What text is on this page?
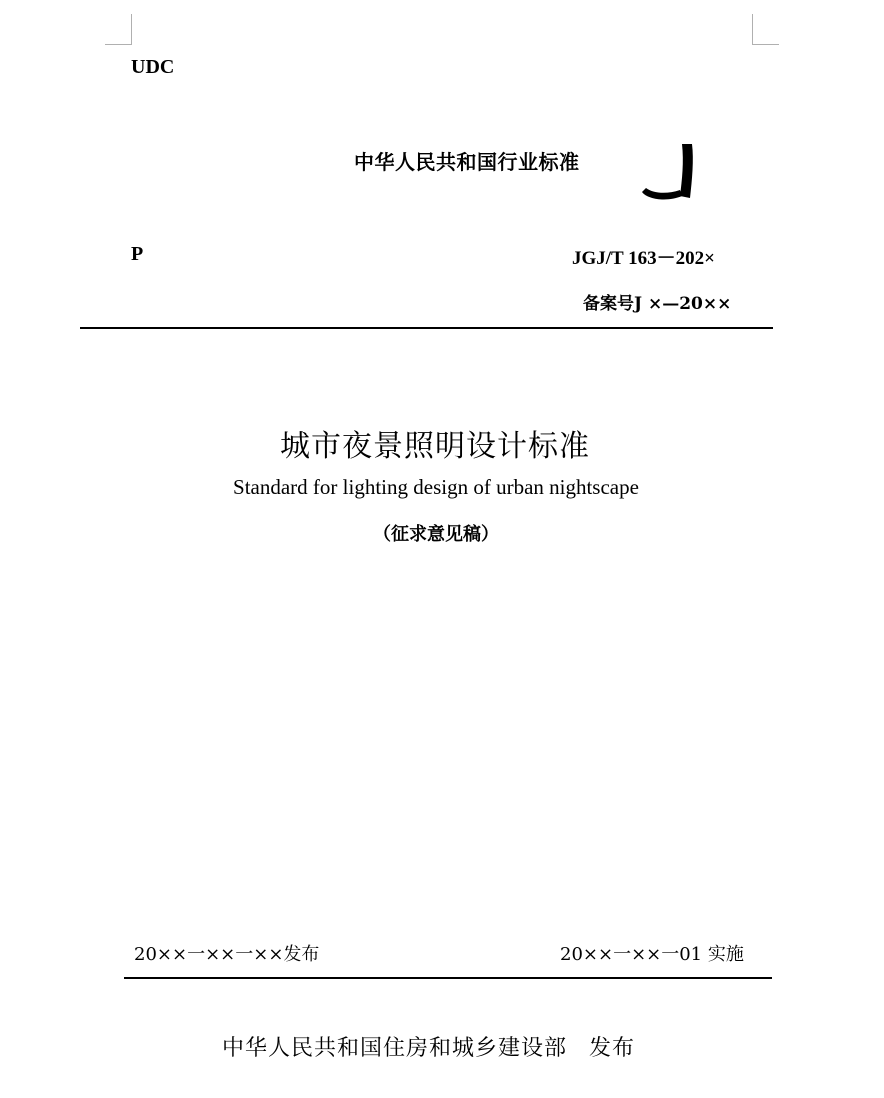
UDC
中华人民共和国行业标准
P	JGJ/T 163－202×
备案号J ×—20××
城市夜景照明设计标准
Standard for lighting design of urban nightscape
（征求意见稿）
20××一××一××发布	20××一××一01 实施
中华人民共和国住房和城乡建设部 发布
